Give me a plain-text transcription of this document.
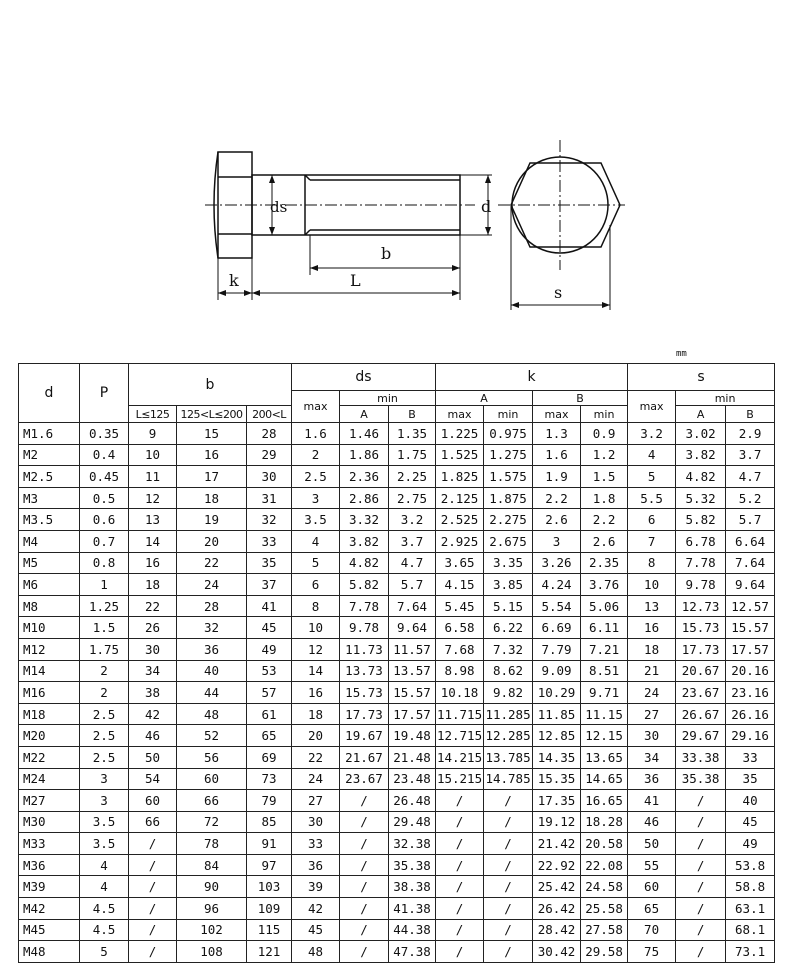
ds	d
b
k	L
s
mm
d	P	b			ds			k				s		
					max	min		A		B		max	min	
		L≤125	125<L≤200	200<L		A	B	max	min	max	min		A	B
M1.6	0.35	9	15	28	1.6	1.46	1.35	1.225	0.975	1.3	0.9	3.2	3.02	2.9
M2	0.4	10	16	29	2	1.86	1.75	1.525	1.275	1.6	1.2	4	3.82	3.7
M2.5	0.45	11	17	30	2.5	2.36	2.25	1.825	1.575	1.9	1.5	5	4.82	4.7
M3	0.5	12	18	31	3	2.86	2.75	2.125	1.875	2.2	1.8	5.5	5.32	5.2
M3.5	0.6	13	19	32	3.5	3.32	3.2	2.525	2.275	2.6	2.2	6	5.82	5.7
M4	0.7	14	20	33	4	3.82	3.7	2.925	2.675	3	2.6	7	6.78	6.64
M5	0.8	16	22	35	5	4.82	4.7	3.65	3.35	3.26	2.35	8	7.78	7.64
M6	1	18	24	37	6	5.82	5.7	4.15	3.85	4.24	3.76	10	9.78	9.64
M8	1.25	22	28	41	8	7.78	7.64	5.45	5.15	5.54	5.06	13	12.73	12.57
M10	1.5	26	32	45	10	9.78	9.64	6.58	6.22	6.69	6.11	16	15.73	15.57
M12	1.75	30	36	49	12	11.73	11.57	7.68	7.32	7.79	7.21	18	17.73	17.57
M14	2	34	40	53	14	13.73	13.57	8.98	8.62	9.09	8.51	21	20.67	20.16
M16	2	38	44	57	16	15.73	15.57	10.18	9.82	10.29	9.71	24	23.67	23.16
M18	2.5	42	48	61	18	17.73	17.57	11.715	11.285	11.85	11.15	27	26.67	26.16
M20	2.5	46	52	65	20	19.67	19.48	12.715	12.285	12.85	12.15	30	29.67	29.16
M22	2.5	50	56	69	22	21.67	21.48	14.215	13.785	14.35	13.65	34	33.38	33
M24	3	54	60	73	24	23.67	23.48	15.215	14.785	15.35	14.65	36	35.38	35
M27	3	60	66	79	27	/	26.48	/	/	17.35	16.65	41	/	40
M30	3.5	66	72	85	30	/	29.48	/	/	19.12	18.28	46	/	45
M33	3.5	/	78	91	33	/	32.38	/	/	21.42	20.58	50	/	49
M36	4	/	84	97	36	/	35.38	/	/	22.92	22.08	55	/	53.8
M39	4	/	90	103	39	/	38.38	/	/	25.42	24.58	60	/	58.8
M42	4.5	/	96	109	42	/	41.38	/	/	26.42	25.58	65	/	63.1
M45	4.5	/	102	115	45	/	44.38	/	/	28.42	27.58	70	/	68.1
M48	5	/	108	121	48	/	47.38	/	/	30.42	29.58	75	/	73.1
